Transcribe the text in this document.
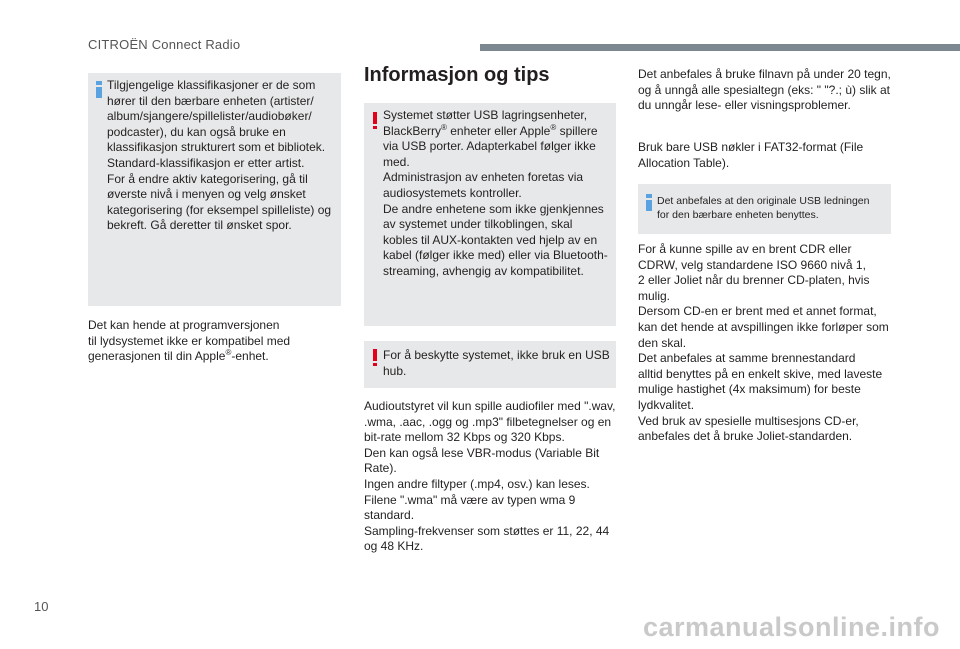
CITROËN Connect Radio
Tilgjengelige klassifikasjoner er de som
hører til den bærbare enheten (artister/
album/sjangere/spillelister/audiobøker/
podcaster), du kan også bruke en
klassifikasjon strukturert som et bibliotek.
Standard-klassifikasjon er etter artist.
For å endre aktiv kategorisering, gå til
øverste nivå i menyen og velg ønsket
kategorisering (for eksempel spilleliste) og
bekreft. Gå deretter til ønsket spor.
Det kan hende at programversjonen
til lydsystemet ikke er kompatibel med
generasjonen til din Apple®-enhet.
Informasjon og tips
Systemet støtter USB lagringsenheter,
BlackBerry® enheter eller Apple® spillere
via USB porter. Adapterkabel følger ikke
med.
Administrasjon av enheten foretas via
audiosystemets kontroller.
De andre enhetene som ikke gjenkjennes
av systemet under tilkoblingen, skal
kobles til AUX-kontakten ved hjelp av en
kabel (følger ikke med) eller via Bluetooth-
streaming, avhengig av kompatibilitet.
For å beskytte systemet, ikke bruk en USB
hub.
Audioutstyret vil kun spille audiofiler med ".wav,
.wma, .aac, .ogg og .mp3" filbetegnelser og en
bit-rate mellom 32 Kbps og 320 Kbps.
Den kan også lese VBR-modus (Variable Bit
Rate).
Ingen andre filtyper (.mp4, osv.) kan leses.
Filene ".wma" må være av typen wma 9
standard.
Sampling-frekvenser som støttes er 11, 22, 44
og 48 KHz.
Det anbefales å bruke filnavn på under 20 tegn,
og å unngå alle spesialtegn (eks: " "?.; ù) slik at
du unngår lese- eller visningsproblemer.
Bruk bare USB nøkler i FAT32-format (File
Allocation Table).
Det anbefales at den originale USB ledningen
for den bærbare enheten benyttes.
For å kunne spille av en brent CDR eller
CDRW, velg standardene ISO 9660 nivå 1,
2 eller Joliet når du brenner CD-platen, hvis
mulig.
Dersom CD-en er brent med et annet format,
kan det hende at avspillingen ikke forløper som
den skal.
Det anbefales at samme brennestandard
alltid benyttes på en enkelt skive, med laveste
mulige hastighet (4x maksimum) for beste
lydkvalitet.
Ved bruk av spesielle multisesjons CD-er,
anbefales det å bruke Joliet-standarden.
10
carmanualsonline.info
